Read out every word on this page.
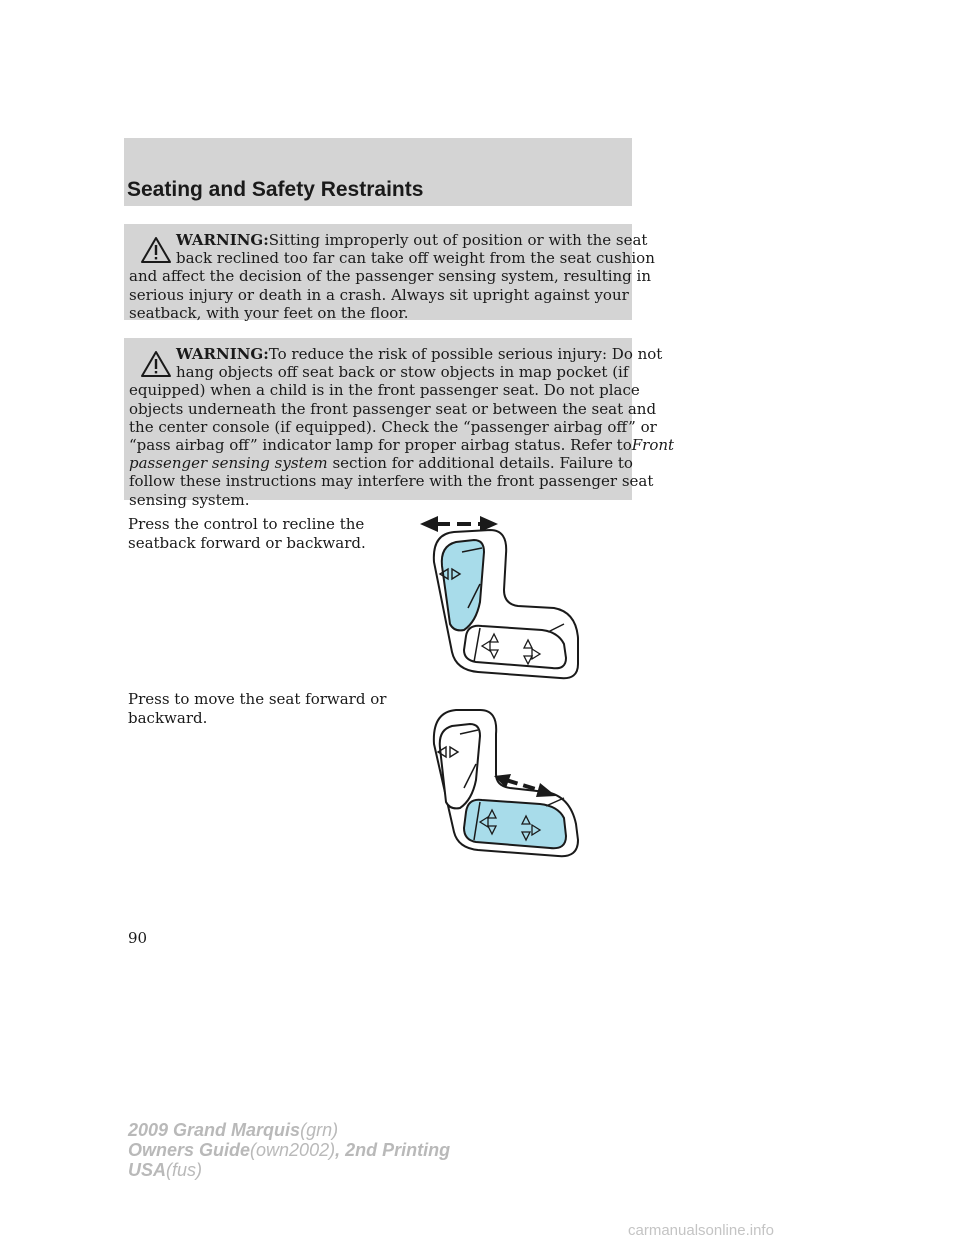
Seating and Safety Restraints
WARNING:Sitting improperly out of position or with the seat
back reclined too far can take off weight from the seat cushion
and affect the decision of the passenger sensing system, resulting in
serious injury or death in a crash. Always sit upright against your
seatback, with your feet on the floor.
WARNING:To reduce the risk of possible serious injury: Do not
hang objects off seat back or stow objects in map pocket (if
equipped) when a child is in the front passenger seat. Do not place
objects underneath the front passenger seat or between the seat and
the center console (if equipped). Check the “passenger airbag off” or
“pass airbag off” indicator lamp for proper airbag status. Refer toFront
passenger sensing system section for additional details. Failure to
follow these instructions may interfere with the front passenger seat
sensing system.
Press the control to recline the
seatback forward or backward.
Press to move the seat forward or
backward.
90
2009 Grand Marquis(grn)
Owners Guide(own2002), 2nd Printing
USA(fus)
carmanualsonline.info
